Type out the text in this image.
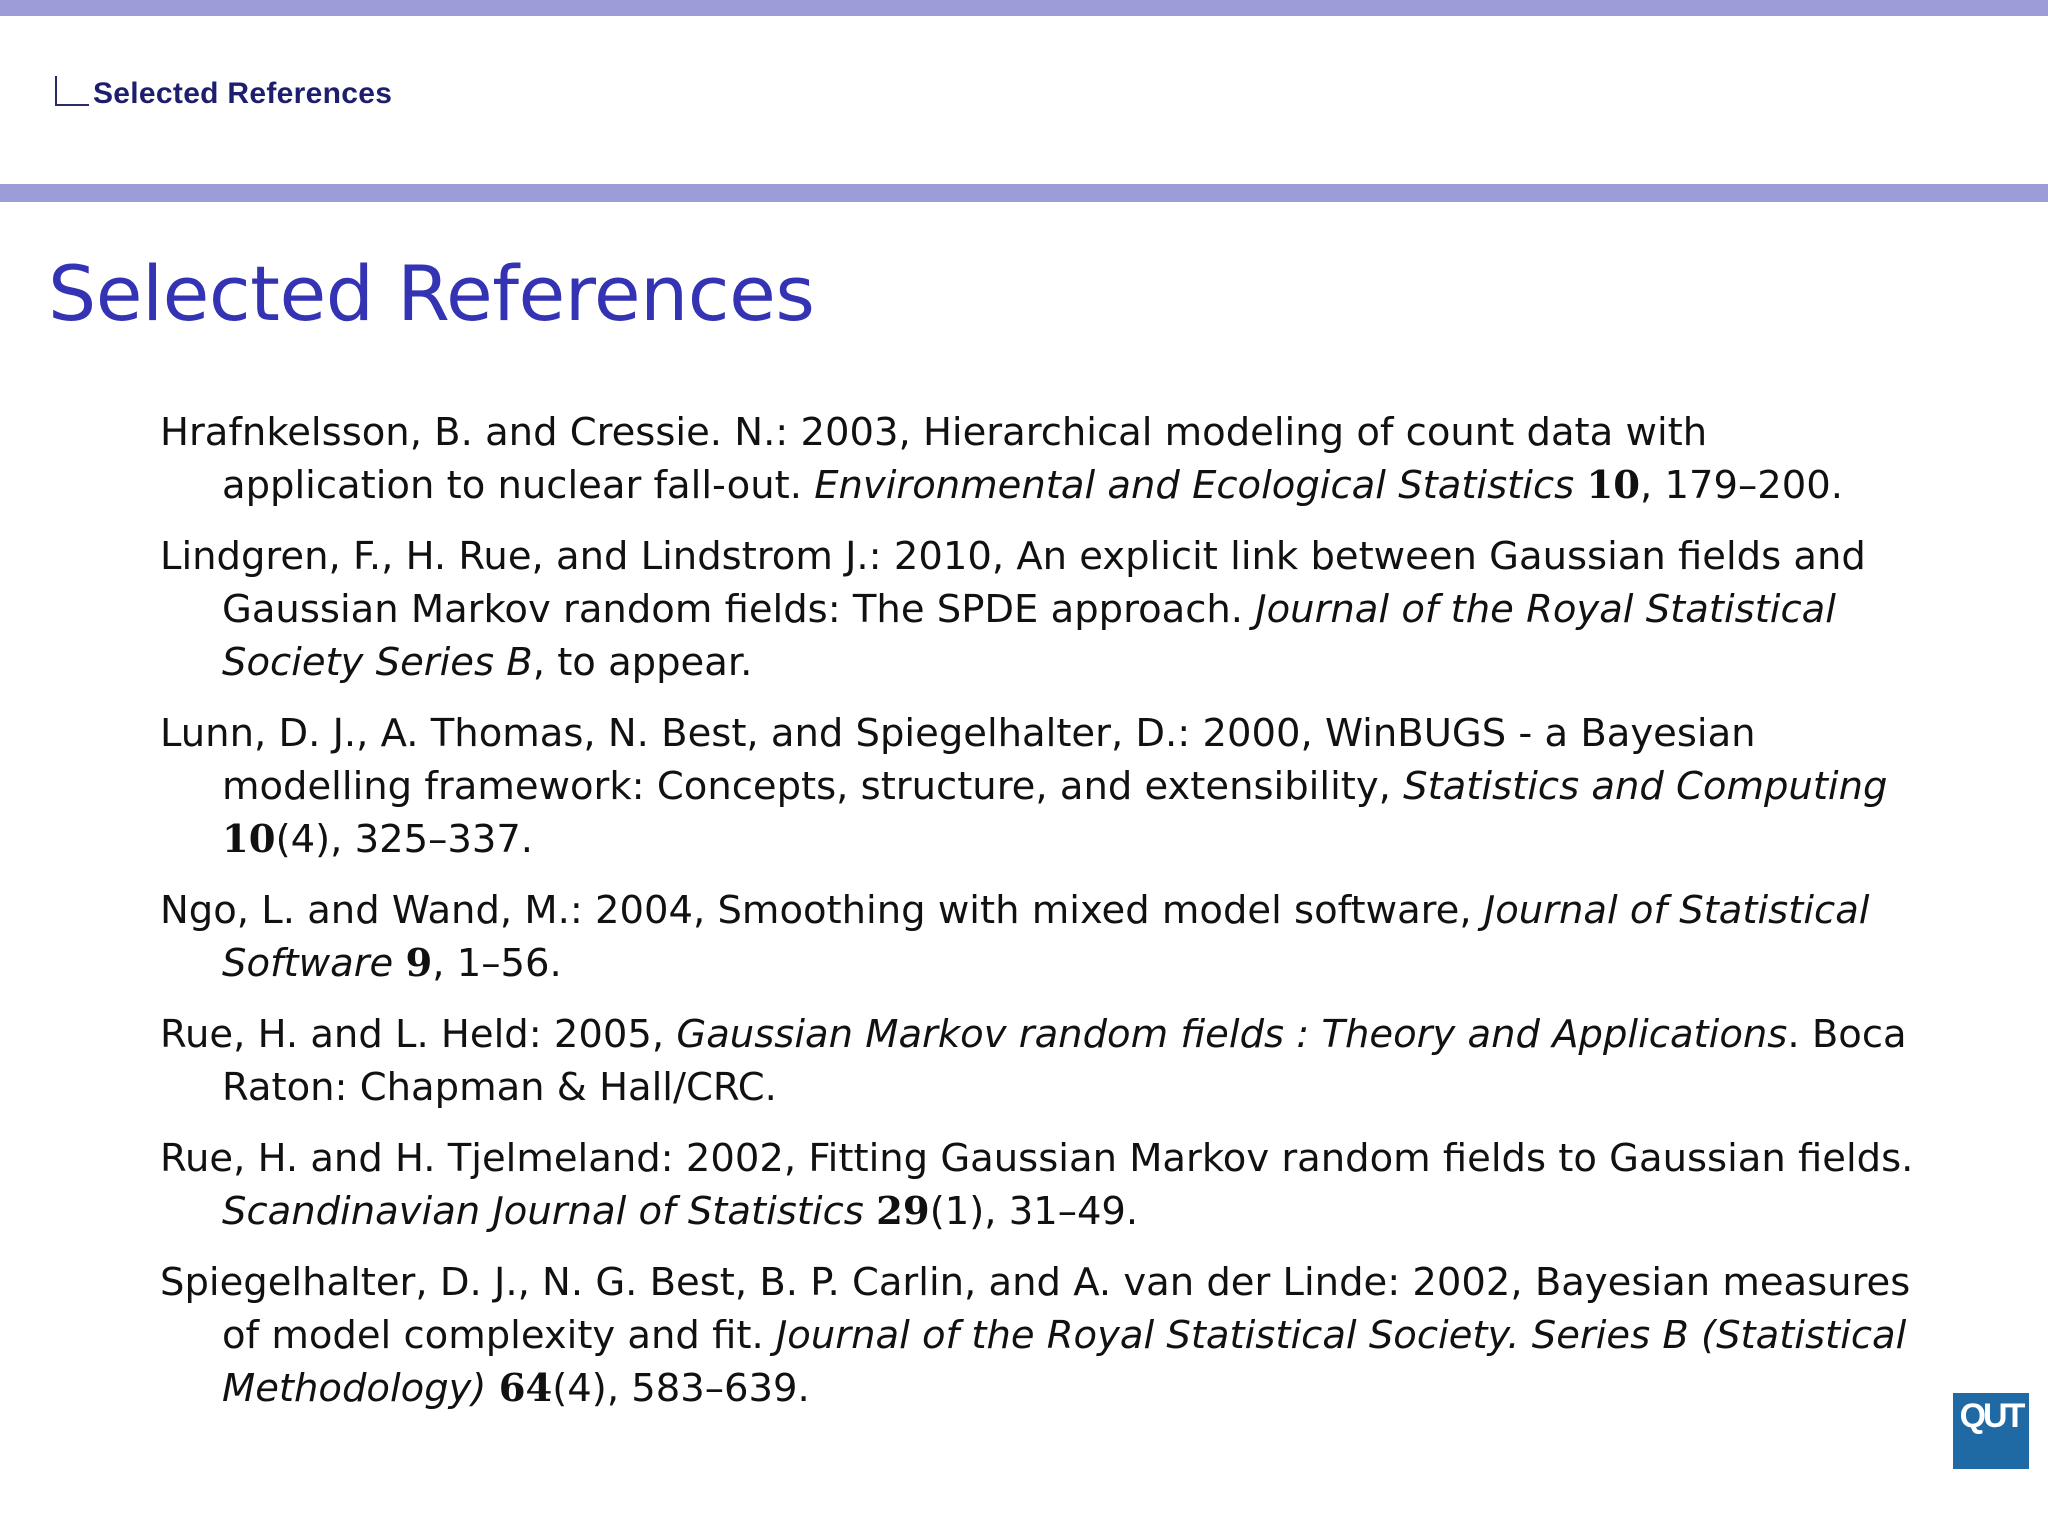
Selected References
Selected References
Hrafnkelsson, B. and Cressie. N.: 2003, Hierarchical modeling of count data with application to nuclear fall-out. Environmental and Ecological Statistics 10, 179–200.
Lindgren, F., H. Rue, and Lindstrom J.: 2010, An explicit link between Gaussian fields and Gaussian Markov random fields: The SPDE approach. Journal of the Royal Statistical Society Series B, to appear.
Lunn, D. J., A. Thomas, N. Best, and Spiegelhalter, D.: 2000, WinBUGS - a Bayesian modelling framework: Concepts, structure, and extensibility, Statistics and Computing 10(4), 325–337.
Ngo, L. and Wand, M.: 2004, Smoothing with mixed model software, Journal of Statistical Software 9, 1–56.
Rue, H. and L. Held: 2005, Gaussian Markov random fields : Theory and Applications. Boca Raton: Chapman & Hall/CRC.
Rue, H. and H. Tjelmeland: 2002, Fitting Gaussian Markov random fields to Gaussian fields. Scandinavian Journal of Statistics 29(1), 31–49.
Spiegelhalter, D. J., N. G. Best, B. P. Carlin, and A. van der Linde: 2002, Bayesian measures of model complexity and fit. Journal of the Royal Statistical Society. Series B (Statistical Methodology) 64(4), 583–639.
QUT
